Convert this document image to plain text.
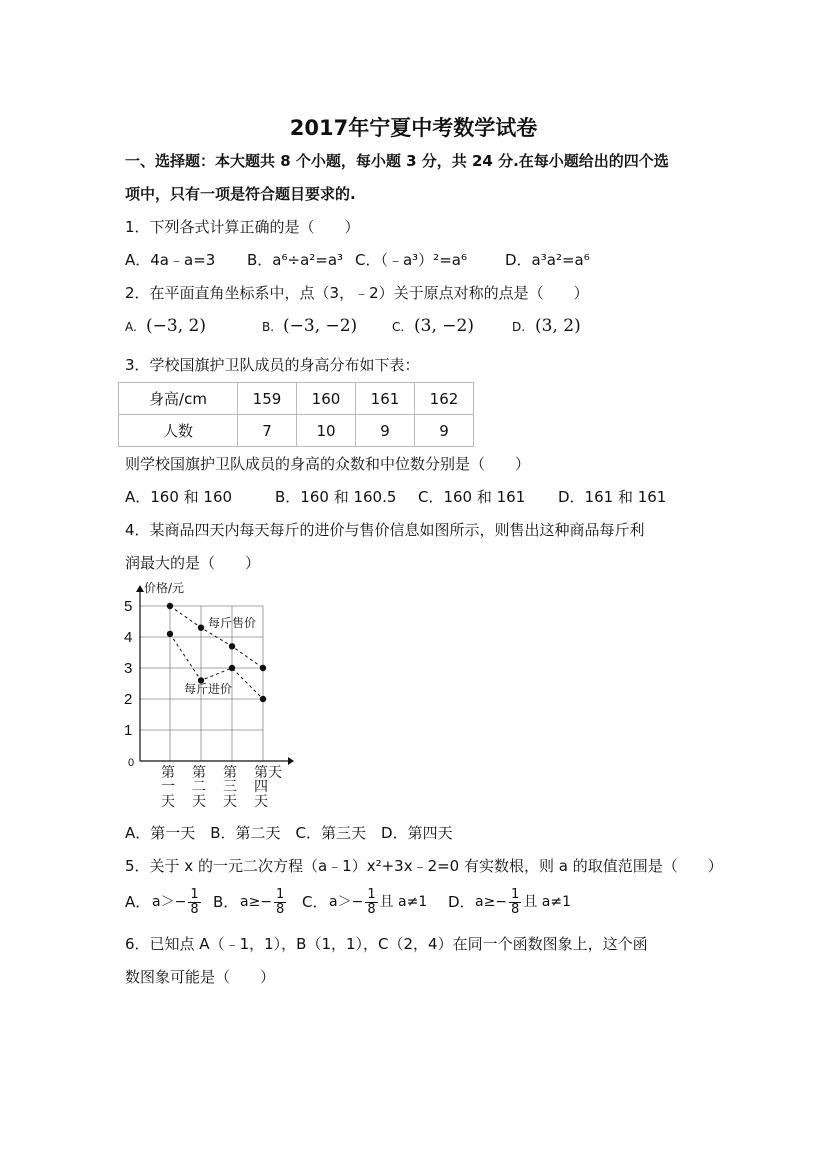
2017年宁夏中考数学试卷
一、选择题：本大题共 8 个小题，每小题 3 分，共 24 分.在每小题给出的四个选
项中，只有一项是符合题目要求的.
1．下列各式计算正确的是（　　）
A．4a﹣a=3 B．a⁶÷a²=a³ C．（﹣a³）²=a⁶	D．a³a²=a⁶
2．在平面直角坐标系中，点（3，﹣2）关于原点对称的点是（　　）
A. (−3, 2)	B. (−3, −2)	C. (3, −2)	D. (3, 2)
3．学校国旗护卫队成员的身高分布如下表：
身高/cm	159	160	161	162
人数	7	10	9	9
则学校国旗护卫队成员的身高的众数和中位数分别是（　　）
A．160 和 160	B．160 和 160.5 C．160 和 161 D．161 和 161
4．某商品四天内每天每斤的进价与售价信息如图所示，则售出这种商品每斤利
润最大的是（　　）
0
1
2
3
4
5
第
一
天
第
二
天
第
三
天
第
四
天
价格/元
天
每斤售价
每斤进价
A．第一天　B．第二天　C．第三天　D．第四天
5．关于 x 的一元二次方程（a﹣1）x²+3x﹣2=0 有实数根，则 a 的取值范围是（　　）
A． $a>- \frac{1}{8}$ B． $a\ge- \frac{1}{8}$ C． $a>- \frac{1}{8}$ 且 a≠1 D． $a\ge- \frac{1}{8}$ 且 a≠1
6．已知点 A（﹣1，1），B（1，1），C（2，4）在同一个函数图象上，这个函
数图象可能是（　　）
